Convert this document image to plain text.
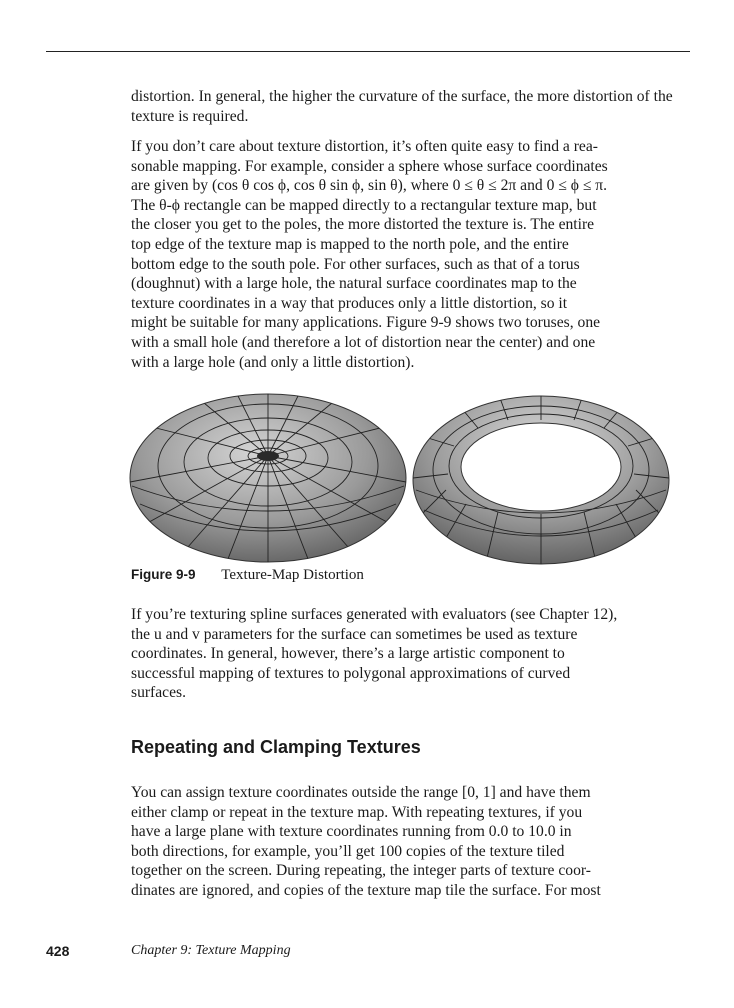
distortion. In general, the higher the curvature of the surface, the more distortion of the texture is required.

If you don’t care about texture distortion, it’s often quite easy to find a rea-
sonable mapping. For example, consider a sphere whose surface coordinates
are given by (cos θ cos ϕ, cos θ sin ϕ, sin θ), where 0 ≤ θ ≤ 2π and 0 ≤ ϕ ≤ π.
The θ-ϕ rectangle can be mapped directly to a rectangular texture map, but
the closer you get to the poles, the more distorted the texture is. The entire
top edge of the texture map is mapped to the north pole, and the entire
bottom edge to the south pole. For other surfaces, such as that of a torus
(doughnut) with a large hole, the natural surface coordinates map to the
texture coordinates in a way that produces only a little distortion, so it
might be suitable for many applications. Figure 9-9 shows two toruses, one
with a small hole (and therefore a lot of distortion near the center) and one
with a large hole (and only a little distortion).
Figure 9-9 Texture-Map Distortion
If you’re texturing spline surfaces generated with evaluators (see Chapter 12),
the u and v parameters for the surface can sometimes be used as texture
coordinates. In general, however, there’s a large artistic component to
successful mapping of textures to polygonal approximations of curved
surfaces.
Repeating and Clamping Textures
You can assign texture coordinates outside the range [0, 1] and have them
either clamp or repeat in the texture map. With repeating textures, if you
have a large plane with texture coordinates running from 0.0 to 10.0 in
both directions, for example, you’ll get 100 copies of the texture tiled
together on the screen. During repeating, the integer parts of texture coor-
dinates are ignored, and copies of the texture map tile the surface. For most
428	Chapter 9: Texture Mapping
